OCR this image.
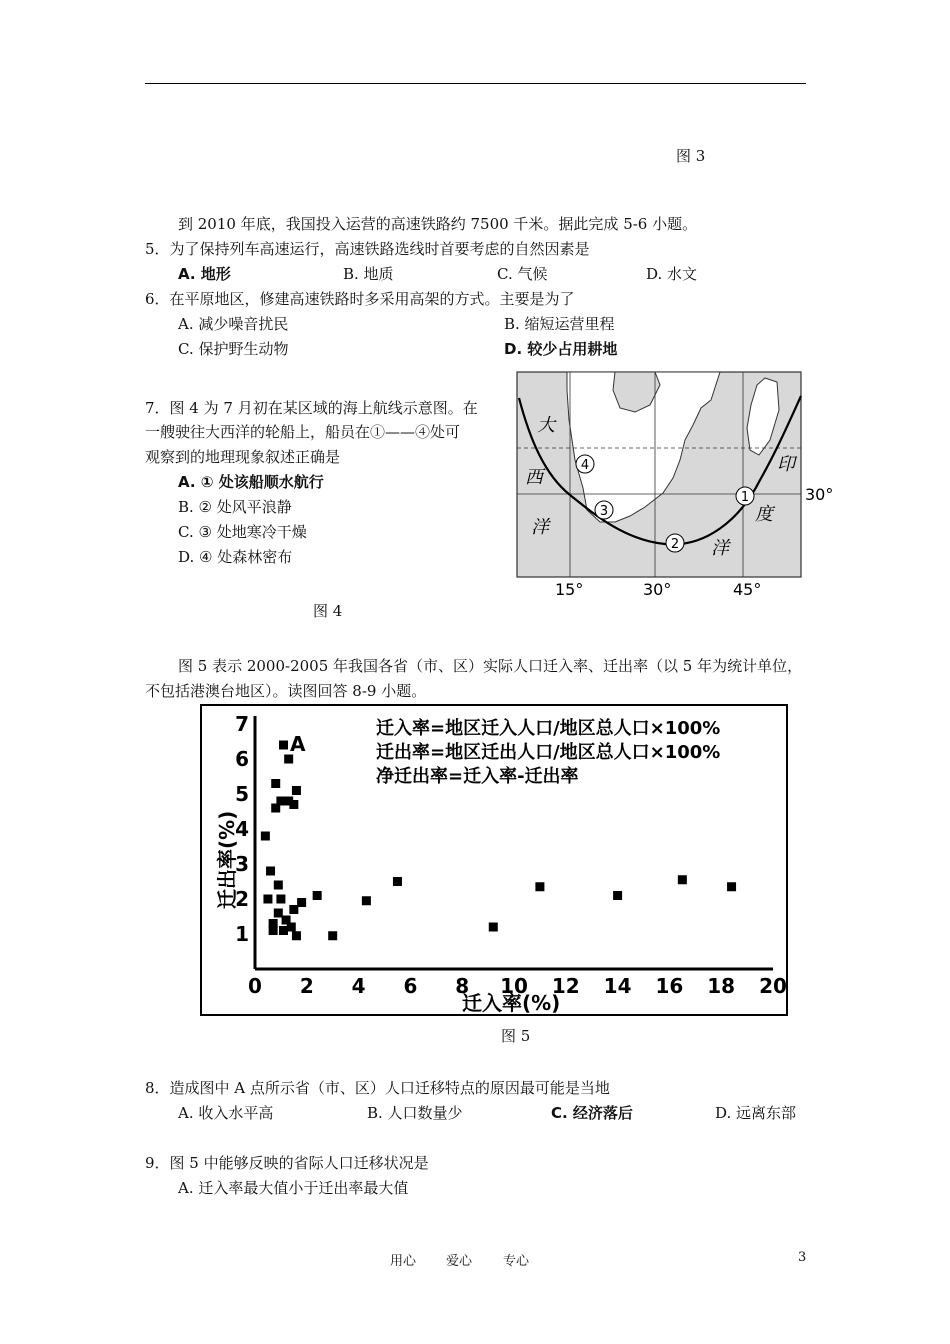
图 3
到 2010 年底，我国投入运营的高速铁路约 7500 千米。据此完成 5-6 小题。
5．为了保持列车高速运行，高速铁路选线时首要考虑的自然因素是
A. 地形	B. 地质	C. 气候	D. 水文
6．在平原地区，修建高速铁路时多采用高架的方式。主要是为了
A. 减少噪音扰民	B. 缩短运营里程
C. 保护野生动物	D. 较少占用耕地
7．图 4 为 7 月初在某区域的海上航线示意图。在
一艘驶往大西洋的轮船上，船员在①——④处可
观察到的地理现象叙述正确是
A. ① 处该船顺水航行
B. ② 处风平浪静
C. ③ 处地寒冷干燥
D. ④ 处森林密布
图 4
1
2
3
4
大
西
洋
印
度
洋
30°
15°	30°	45°
图 5 表示 2000-2005 年我国各省（市、区）实际人口迁入率、迁出率（以 5 年为统计单位，
不包括港澳台地区）。读图回答 8-9 小题。
0 2 4 6 8 10 12 14 16 18 20
1
2
3
4
5
6
7	迁入率=地区迁入人口/地区总人口×100%
迁出率=地区迁出人口/地区总人口×100%
净迁出率=迁入率-迁出率
A
迁入率(%)
迁出率(%)
图 5
8．造成图中 A 点所示省（市、区）人口迁移特点的原因最可能是当地
A. 收入水平高	B. 人口数量少	C. 经济落后	D. 远离东部
9．图 5 中能够反映的省际人口迁移状况是
A. 迁入率最大值小于迁出率最大值
用心 爱心 专心	3
